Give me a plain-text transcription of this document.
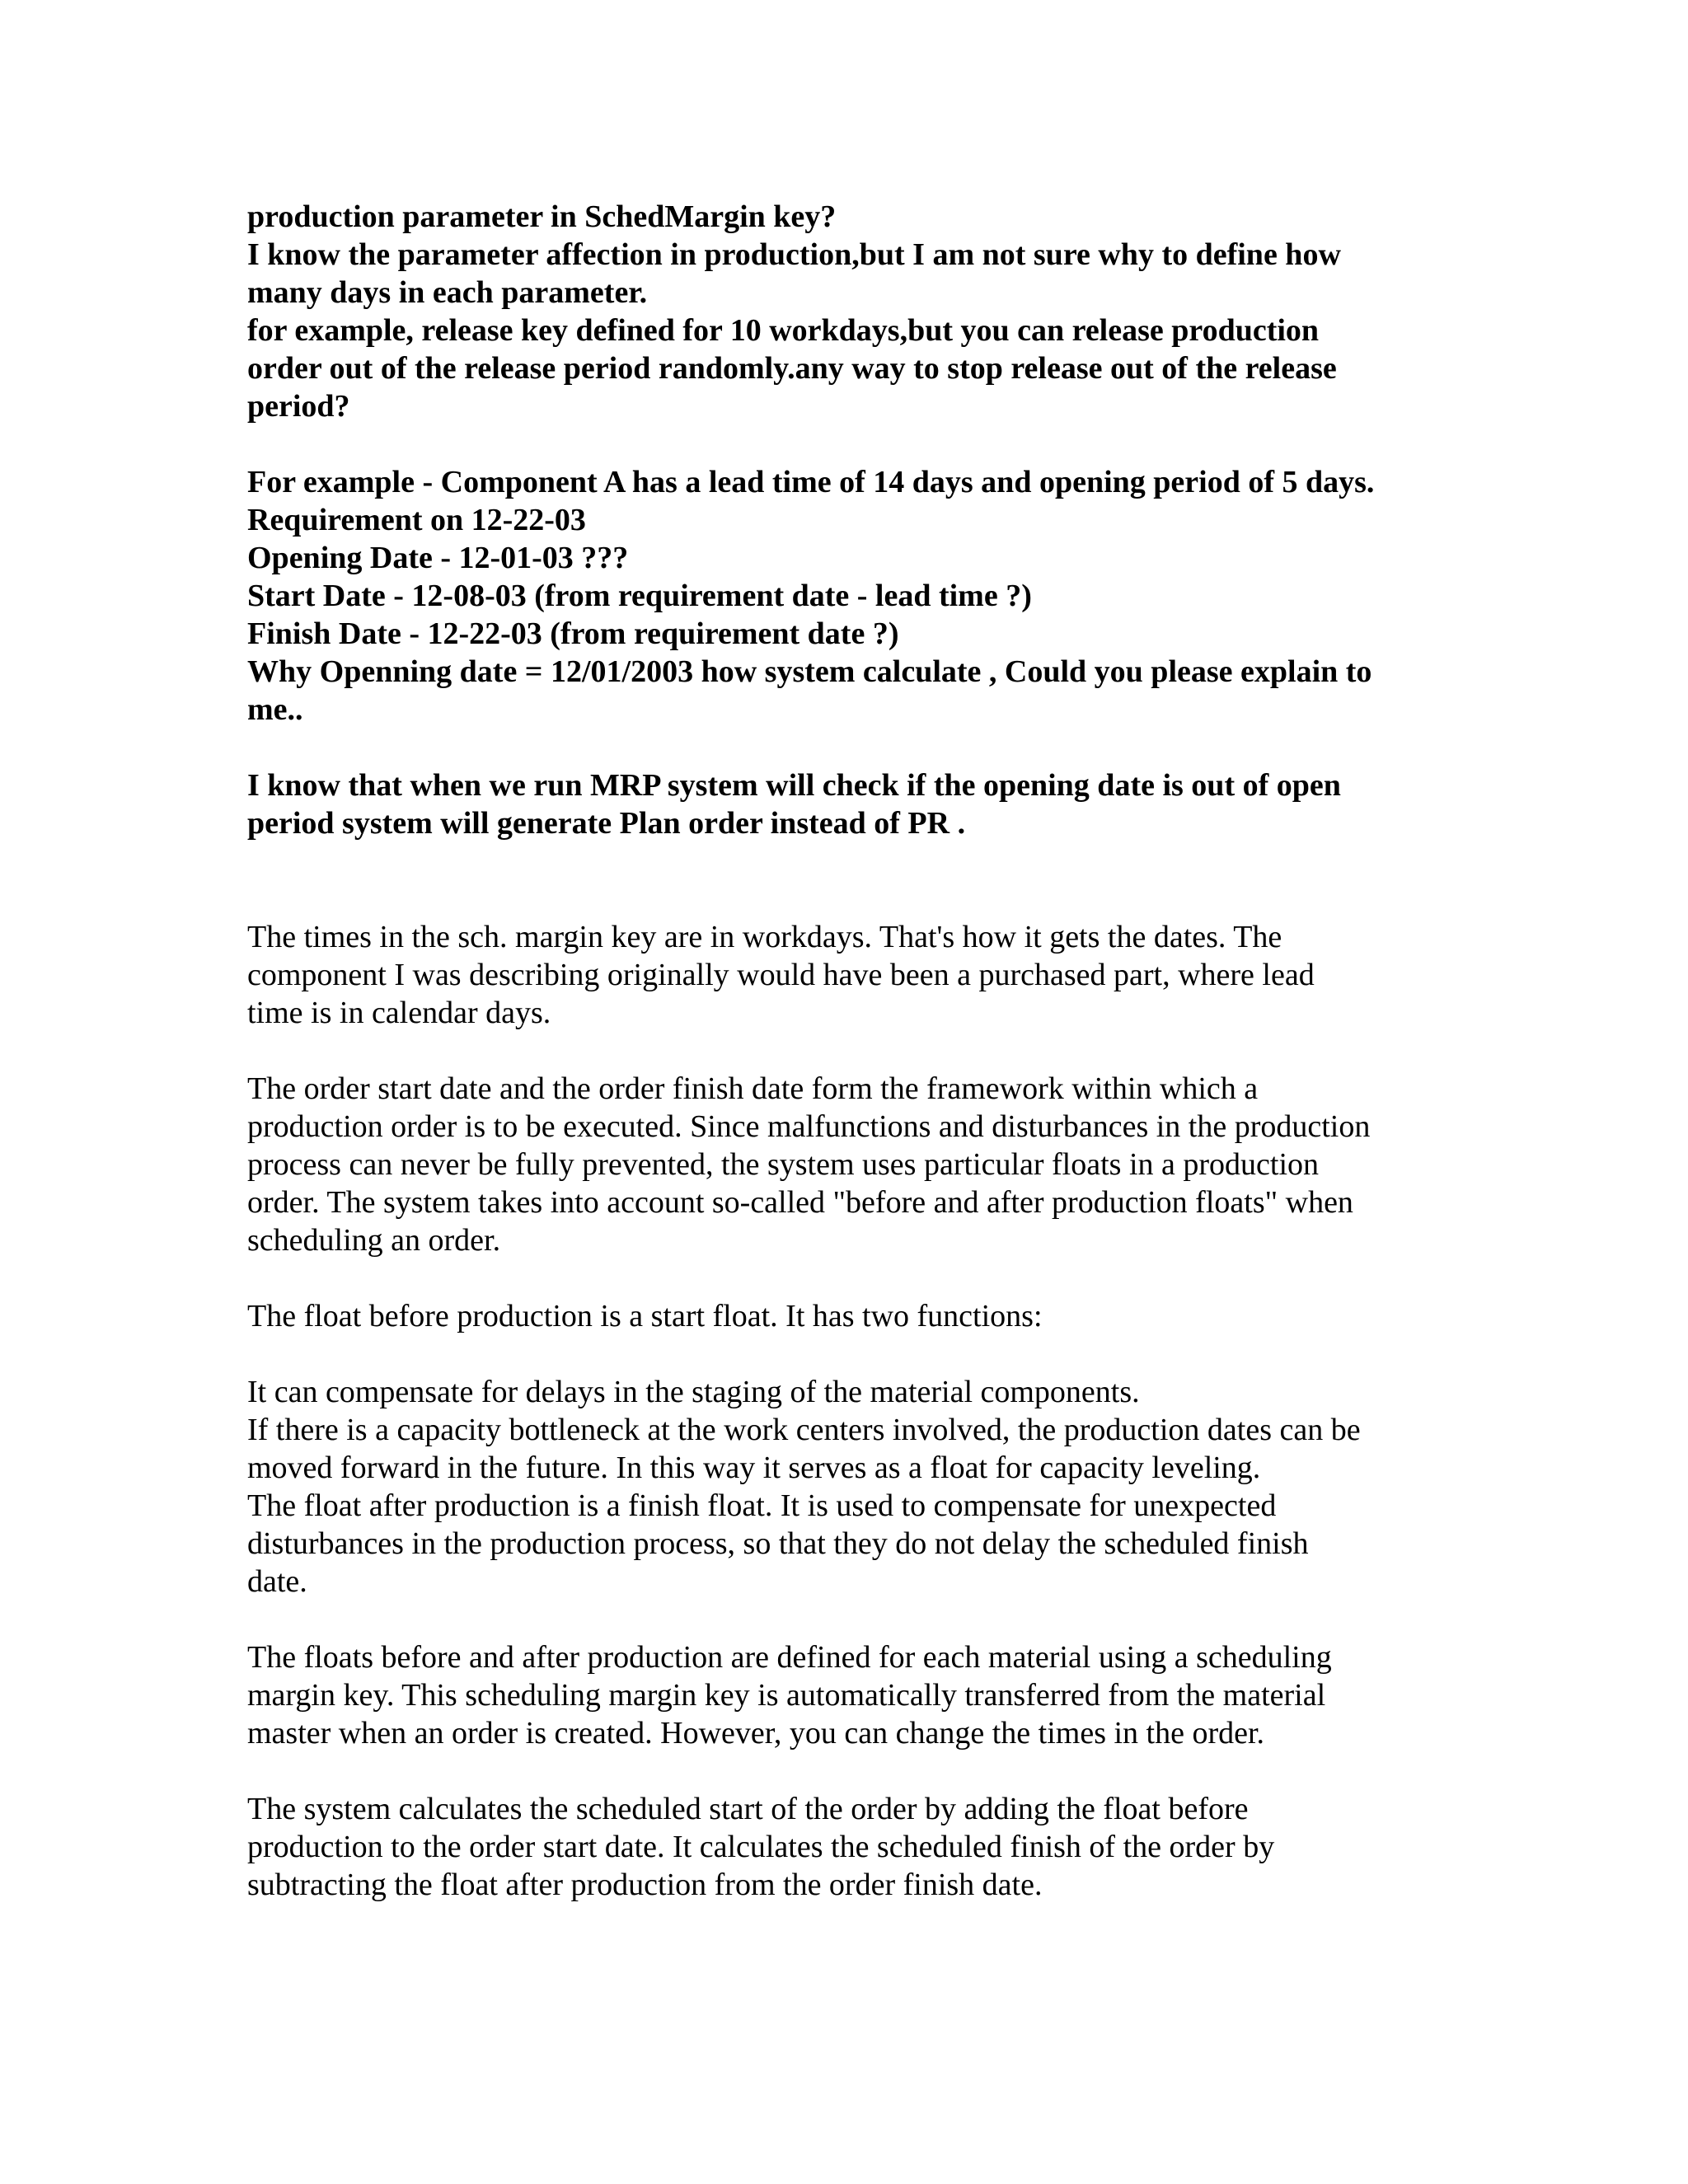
production parameter in SchedMargin key?
I know the parameter affection in production,but I am not sure why to define how
many days in each parameter.
for example, release key defined for 10 workdays,but you can release production
order out of the release period randomly.any way to stop release out of the release
period?

For example - Component A has a lead time of 14 days and opening period of 5 days.
Requirement on 12-22-03
Opening Date - 12-01-03 ???
Start Date - 12-08-03 (from requirement date - lead time ?)
Finish Date - 12-22-03 (from requirement date ?)
Why Openning date = 12/01/2003 how system calculate , Could you please explain to
me..

I know that when we run MRP system will check if the opening date is out of open
period system will generate Plan order instead of PR .

The times in the sch. margin key are in workdays. That's how it gets the dates. The
component I was describing originally would have been a purchased part, where lead
time is in calendar days.

The order start date and the order finish date form the framework within which a
production order is to be executed. Since malfunctions and disturbances in the production
process can never be fully prevented, the system uses particular floats in a production
order. The system takes into account so-called "before and after production floats" when
scheduling an order.

The float before production is a start float. It has two functions:

It can compensate for delays in the staging of the material components.
If there is a capacity bottleneck at the work centers involved, the production dates can be
moved forward in the future. In this way it serves as a float for capacity leveling.
The float after production is a finish float. It is used to compensate for unexpected
disturbances in the production process, so that they do not delay the scheduled finish
date.

The floats before and after production are defined for each material using a scheduling
margin key. This scheduling margin key is automatically transferred from the material
master when an order is created. However, you can change the times in the order.

The system calculates the scheduled start of the order by adding the float before
production to the order start date. It calculates the scheduled finish of the order by
subtracting the float after production from the order finish date.
